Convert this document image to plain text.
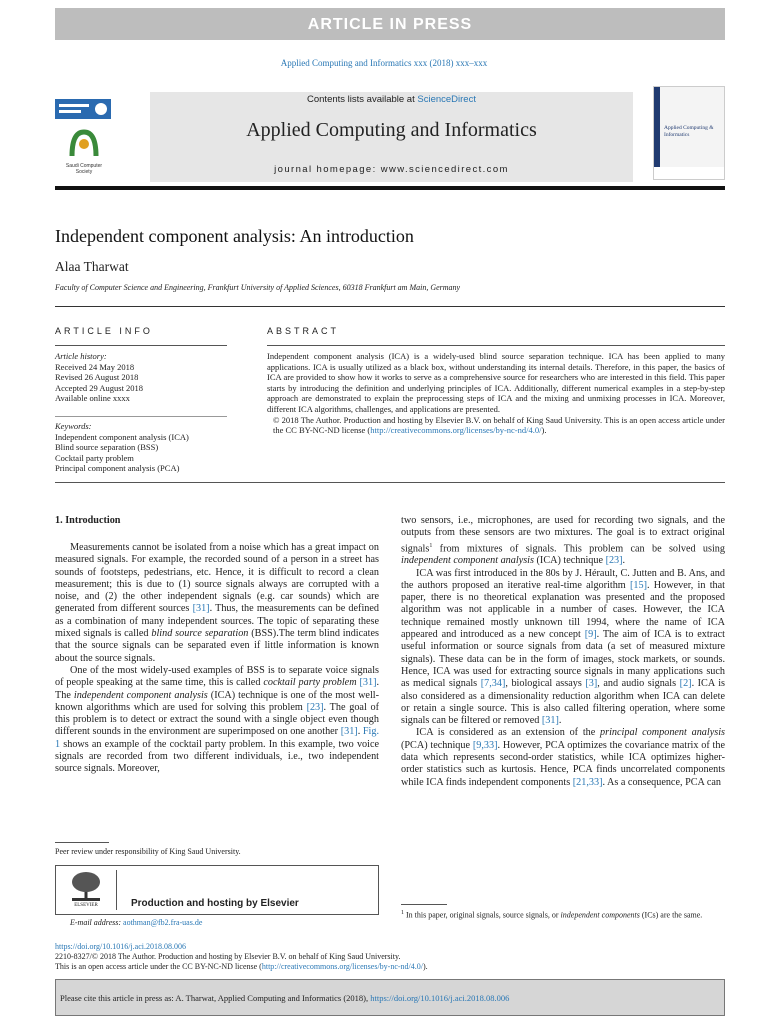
ARTICLE IN PRESS
Applied Computing and Informatics xxx (2018) xxx–xxx
Saudi Computer Society
Contents lists available at ScienceDirect
Applied Computing and Informatics
journal homepage: www.sciencedirect.com
Applied Computing & Informatics
Independent component analysis: An introduction
Alaa Tharwat
Faculty of Computer Science and Engineering, Frankfurt University of Applied Sciences, 60318 Frankfurt am Main, Germany
ARTICLE INFO
Article history:
Received 24 May 2018
Revised 26 August 2018
Accepted 29 August 2018
Available online xxxx
Keywords:
Independent component analysis (ICA)
Blind source separation (BSS)
Cocktail party problem
Principal component analysis (PCA)
ABSTRACT
Independent component analysis (ICA) is a widely-used blind source separation technique. ICA has been applied to many applications. ICA is usually utilized as a black box, without understanding its internal details. Therefore, in this paper, the basics of ICA are provided to show how it works to serve as a comprehensive source for researchers who are interested in this field. This paper starts by introducing the definition and underlying principles of ICA. Additionally, different numerical examples in a step-by-step approach are demonstrated to explain the preprocessing steps of ICA and the mixing and unmixing processes in ICA. Moreover, different ICA algorithms, challenges, and applications are presented.
© 2018 The Author. Production and hosting by Elsevier B.V. on behalf of King Saud University. This is an open access article under the CC BY-NC-ND license (http://creativecommons.org/licenses/by-nc-nd/4.0/).
1. Introduction

Measurements cannot be isolated from a noise which has a great impact on measured signals. For example, the recorded sound of a person in a street has sounds of footsteps, pedestrians, etc. Hence, it is difficult to record a clean measurement; this is due to (1) source signals always are corrupted with a noise, and (2) the other independent signals (e.g. car sounds) which are generated from different sources [31]. Thus, the measurements can be defined as a combination of many independent sources. The topic of separating these mixed signals is called blind source separation (BSS).The term blind indicates that the source signals can be separated even if little information is known about the source signals.

One of the most widely-used examples of BSS is to separate voice signals of people speaking at the same time, this is called cocktail party problem [31]. The independent component analysis (ICA) technique is one of the most well-known algorithms which are used for solving this problem [23]. The goal of this problem is to detect or extract the sound with a single object even though different sounds in the environment are superimposed on one another [31]. Fig. 1 shows an example of the cocktail party problem. In this example, two voice signals are recorded from two different individuals, i.e., two independent source signals. Moreover,

two sensors, i.e., microphones, are used for recording two signals, and the outputs from these sensors are two mixtures. The goal is to extract original signals$^1$ from mixtures of signals. This problem can be solved using independent component analysis (ICA) technique [23].

ICA was first introduced in the 80s by J. Hérault, C. Jutten and B. Ans, and the authors proposed an iterative real-time algorithm [15]. However, in that paper, there is no theoretical explanation was presented and the proposed algorithm was not applicable in a number of cases. However, the ICA technique remained mostly unknown till 1994, where the name of ICA appeared and introduced as a new concept [9]. The aim of ICA is to extract useful information or source signals from data (a set of measured mixture signals). These data can be in the form of images, stock markets, or sounds. Hence, ICA was used for extracting source signals in many applications such as medical signals [7,34], biological assays [3], and audio signals [2]. ICA is also considered as a dimensionality reduction algorithm when ICA can delete or retain a single source. This is also called filtering operation, where some signals can be filtered or removed [31].

ICA is considered as an extension of the principal component analysis (PCA) technique [9,33]. However, PCA optimizes the covariance matrix of the data which represents second-order statistics, while ICA optimizes higher-order statistics such as kurtosis. Hence, PCA finds uncorrelated components while ICA finds independent components [21,33]. As a consequence, PCA can

Peer review under responsibility of King Saud University.
ELSEVIER	Production and hosting by Elsevier
E-mail address: aothman@fb2.fra-uas.de
https://doi.org/10.1016/j.aci.2018.08.006
2210-8327/© 2018 The Author. Production and hosting by Elsevier B.V. on behalf of King Saud University.
This is an open access article under the CC BY-NC-ND license (http://creativecommons.org/licenses/by-nc-nd/4.0/).
$^1$ In this paper, original signals, source signals, or independent components (ICs) are the same.
Please cite this article in press as: A. Tharwat, Applied Computing and Informatics (2018), https://doi.org/10.1016/j.aci.2018.08.006
